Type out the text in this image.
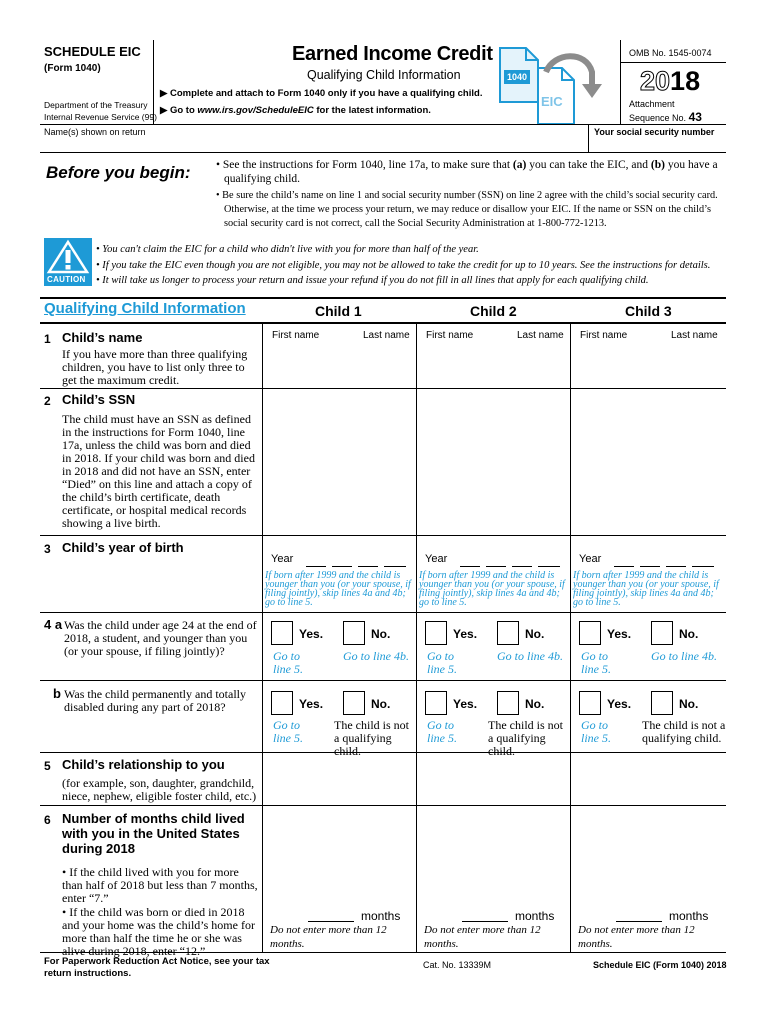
SCHEDULE EIC
(Form 1040)
Department of the Treasury
Internal Revenue Service (99)
Earned Income Credit
Qualifying Child Information
▶ Complete and attach to Form 1040 only if you have a qualifying child.
▶ Go to www.irs.gov/ScheduleEIC for the latest information.
1040
EIC
OMB No. 1545-0074
2018
Attachment
Sequence No. 43
Name(s) shown on return	Your social security number
Before you begin: • See the instructions for Form 1040, line 17a, to make sure that (a) you can take the EIC, and (b) you have a
qualifying child.
• Be sure the child’s name on line 1 and social security number (SSN) on line 2 agree with the child’s social security card.
Otherwise, at the time we process your return, we may reduce or disallow your EIC. If the name or SSN on the child’s
social security card is not correct, call the Social Security Administration at 1-800-772-1213.
CAUTION
• You can't claim the EIC for a child who didn't live with you for more than half of the year.
• If you take the EIC even though you are not eligible, you may not be allowed to take the credit for up to 10 years. See the instructions for details.
• It will take us longer to process your return and issue your refund if you do not fill in all lines that apply for each qualifying child.
Qualifying Child Information	Child 1	Child 2	Child 3
1 Child’s name
If you have more than three qualifying children, you have to list only three to get the maximum credit.
First name	Last name First name	Last name First name	Last name
2 Child’s SSN
The child must have an SSN as defined in the instructions for Form 1040, line 17a, unless the child was born and died in 2018. If your child was born and died in 2018 and did not have an SSN, enter “Died” on this line and attach a copy of the child’s birth certificate, death certificate, or hospital medical records showing a live birth.
3 Child’s year of birth
Year
If born after 1999 and the child is younger than you (or your spouse, if filing jointly), skip lines 4a and 4b; go to line 5.
Year
If born after 1999 and the child is younger than you (or your spouse, if filing jointly), skip lines 4a and 4b; go to line 5.
Year
If born after 1999 and the child is younger than you (or your spouse, if filing jointly), skip lines 4a and 4b; go to line 5.
4 a Was the child under age 24 at the end of 2018, a student, and younger than you (or your spouse, if filing jointly)?
Yes.	No.
Go to line 5.
Go to line 4b.
Yes.	No.
Go to line 5.
Go to line 4b.
Yes.	No.
Go to line 5.
Go to line 4b.
b Was the child permanently and totally disabled during any part of 2018?	Yes.	No.
Go to line 5.
The child is not a qualifying child.
Yes.	No.
Go to line 5.
The child is not a qualifying child.
Yes.	No.
Go to line 5.
The child is not a qualifying child.
5 Child’s relationship to you
(for example, son, daughter, grandchild, niece, nephew, eligible foster child, etc.)
6 Number of months child lived with you in the United States during 2018
• If the child lived with you for more than half of 2018 but less than 7 months, enter “7.”
• If the child was born or died in 2018 and your home was the child’s home for more than half the time he or she was alive during 2018, enter “12.”
months
Do not enter more than 12 months.
months
Do not enter more than 12 months.
months
Do not enter more than 12 months.
For Paperwork Reduction Act Notice, see your tax
return instructions.
Cat. No. 13339M	Schedule EIC (Form 1040) 2018
